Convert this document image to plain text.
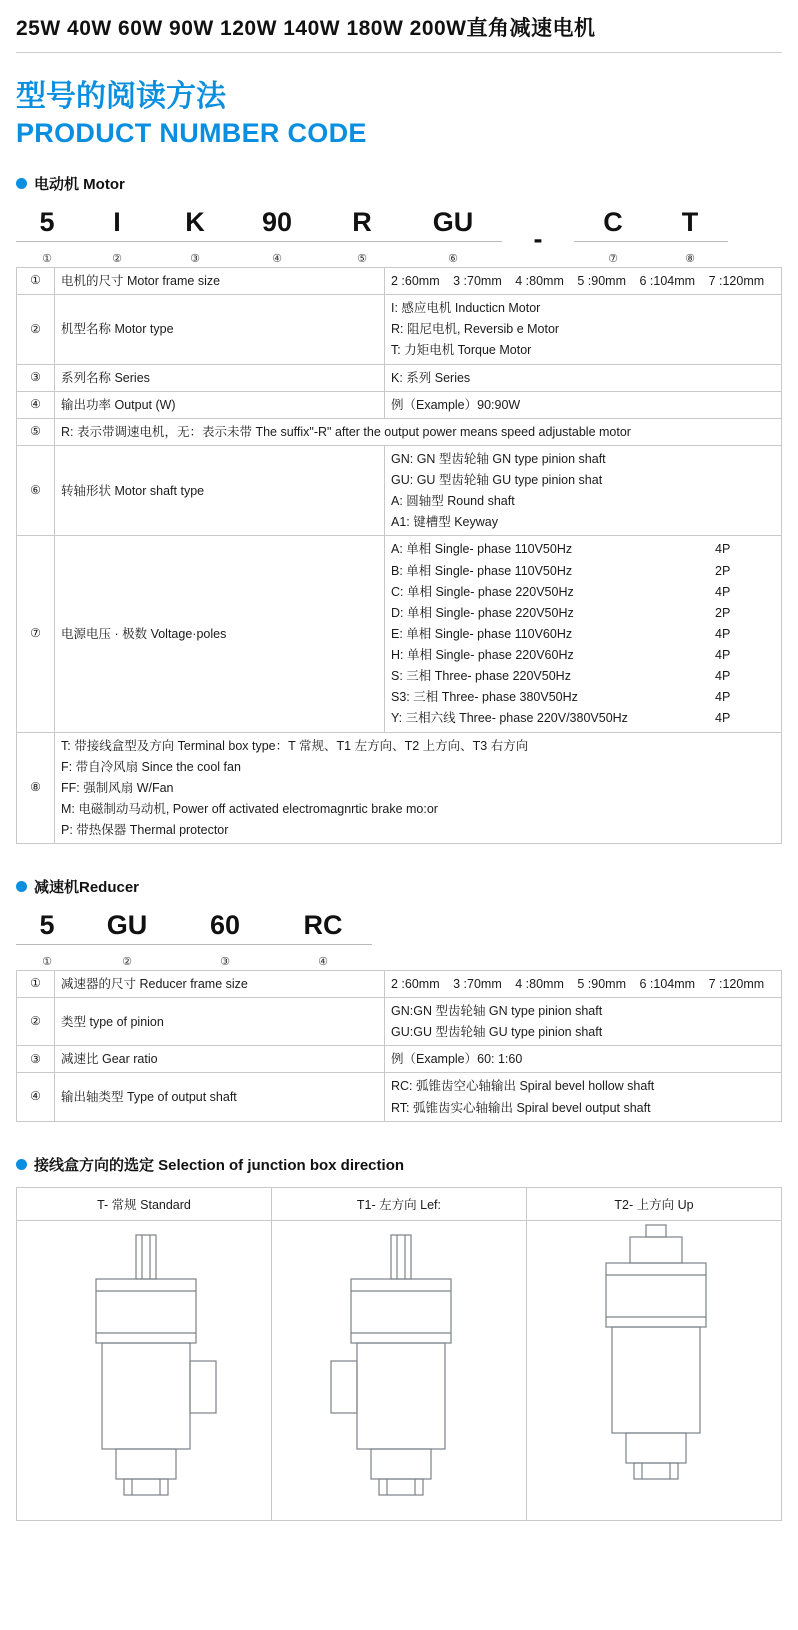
25W 40W 60W 90W 120W 140W 180W 200W直角减速电机
型号的阅读方法
PRODUCT NUMBER CODE
电动机 Motor
5
①
I
②
K
③
90
④
R
⑤
GU
⑥
-
C
⑦
T
⑧
①	电机的尺寸 Motor frame size	2 :60mm 3 :70mm 4 :80mm 5 :90mm 6 :104mm 7 :120mm

②	机型名称 Motor type	I: 感应电机 Inducticn Motor
R: 阻尼电机, Reversib e Motor
T: 力矩电机 Torque Motor

③	系列名称 Series	K: 系列 Series
④	输出功率 Output (W)	例（Example）90:90W
⑤	R: 表示带调速电机，无：表示未带 The suffix"-R" after the output power means speed adjustable motor	
⑥	转轴形状 Motor shaft type	GN: GN 型齿轮轴 GN type pinion shaft
GU: GU 型齿轮轴 GU type pinion shat
A: 圆轴型 Round shaft
A1: 键槽型 Keyway

⑦	电源电压 · 极数 Voltage·poles	
A: 单相 Single- phase 110V50Hz	4P
B: 单相 Single- phase 110V50Hz	2P
C: 单相 Single- phase 220V50Hz	4P
D: 单相 Single- phase 220V50Hz	2P
E: 单相 Single- phase 110V60Hz	4P
H: 单相 Single- phase 220V60Hz	4P
S: 三相 Three- phase 220V50Hz	4P
S3: 三相 Three- phase 380V50Hz	4P
Y: 三相六线 Three- phase 220V/380V50Hz	4P

⑧	T: 带接线盒型及方向 Terminal box type：T 常规、T1 左方向、T2 上方向、T3 右方向
F: 带自冷风扇 Since the cool fan
FF: 强制风扇 W/Fan
M: 电磁制动马动机, Power off activated electromagnrtic brake mo:or
P: 带热保器 Thermal protector	
减速机Reducer
5
①
GU
②
60
③
RC
④
①	减速器的尺寸 Reducer frame size	2 :60mm 3 :70mm 4 :80mm 5 :90mm 6 :104mm 7 :120mm

②	类型 type of pinion	GN:GN 型齿轮轴 GN type pinion shaft
GU:GU 型齿轮轴 GU type pinion shaft

③	减速比 Gear ratio	例（Example）60: 1:60
④	输出轴类型 Type of output shaft	RC: 弧锥齿空心轴输出 Spiral bevel hollow shaft
RT: 弧锥齿实心轴输出 Spiral bevel output shaft
接线盒方向的选定 Selection of junction box direction
T- 常规 Standard	T1- 左方向 Lef:	T2- 上方向 Up
